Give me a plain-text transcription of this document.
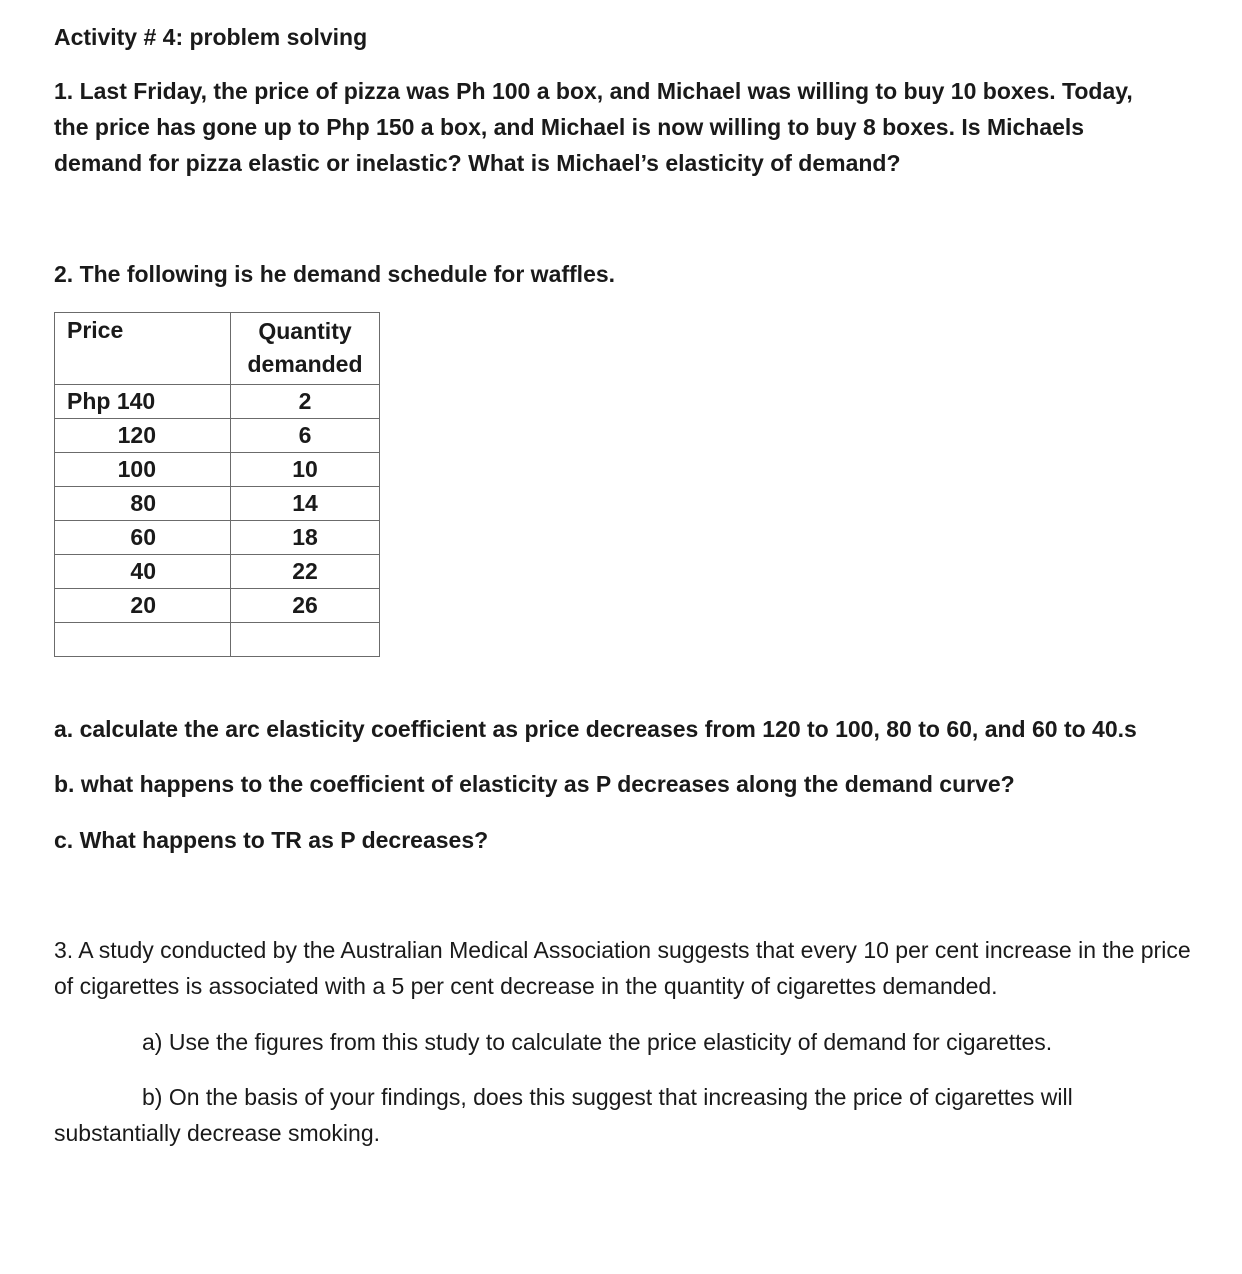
Activity # 4: problem solving
1. Last Friday, the price of pizza was Ph 100 a box, and Michael was willing to buy 10 boxes. Today,
the price has gone up to Php 150 a box, and Michael is now willing to buy 8 boxes. Is Michaels
demand for pizza elastic or inelastic? What is Michael’s elasticity of demand?
2. The following is he demand schedule for waffles.
Price	Quantity
demanded

Php 140	2
120	6
100	10
80	14
60	18
40	22
20	26

a. calculate the arc elasticity coefficient as price decreases from 120 to 100, 80 to 60, and 60 to 40.s
b. what happens to the coefficient of elasticity as P decreases along the demand curve?
c. What happens to TR as P decreases?
3. A study conducted by the Australian Medical Association suggests that every 10 per cent increase in the price of cigarettes is associated with a 5 per cent decrease in the quantity of cigarettes demanded.
a) Use the figures from this study to calculate the price elasticity of demand for cigarettes.
b) On the basis of your findings, does this suggest that increasing the price of cigarettes will substantially decrease smoking.
